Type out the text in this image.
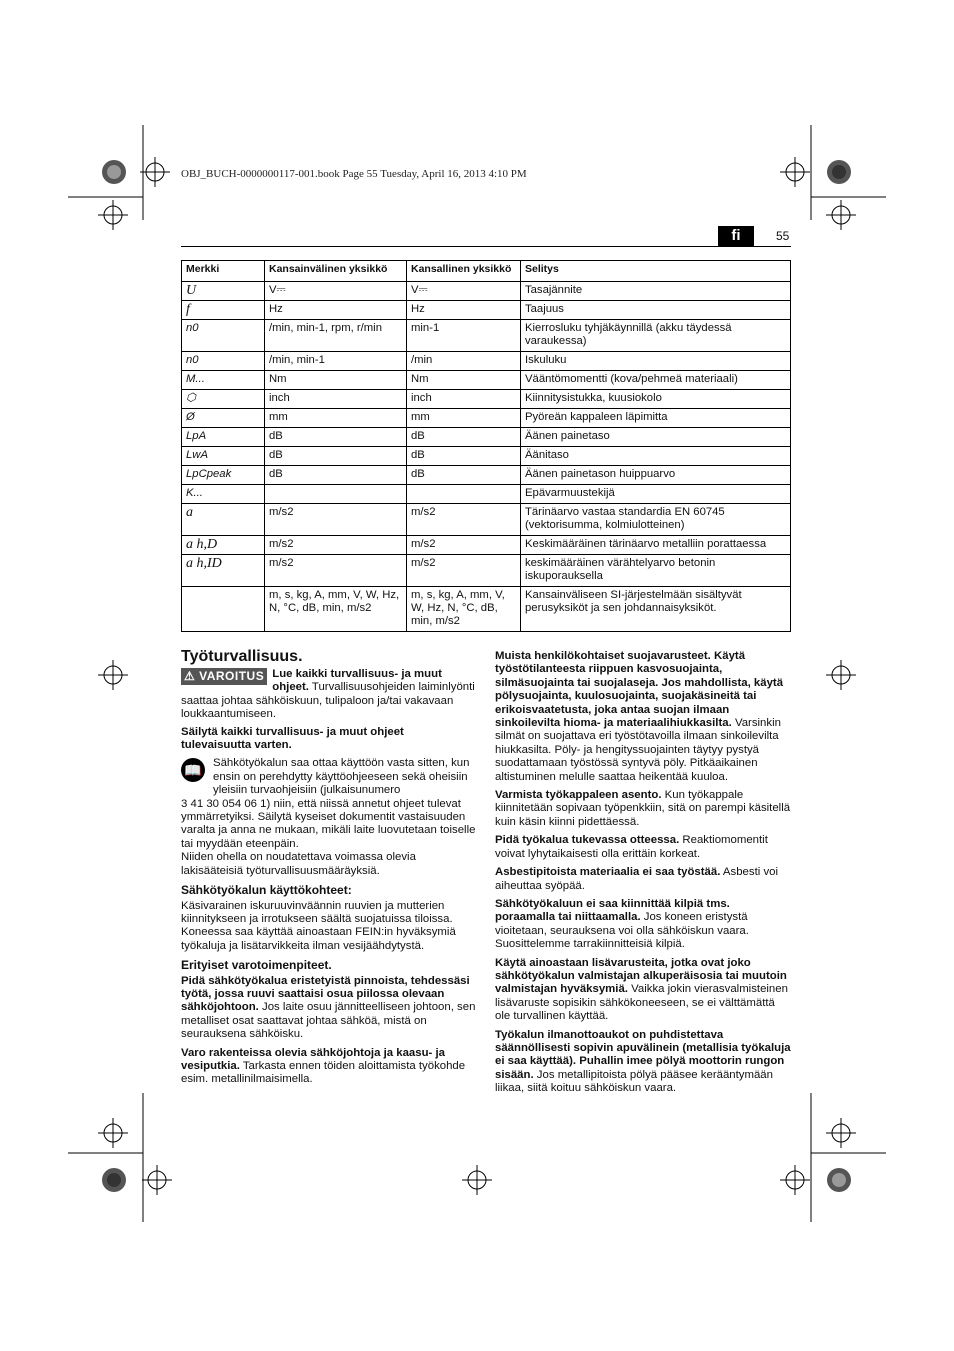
OBJ_BUCH-0000000117-001.book Page 55 Tuesday, April 16, 2013 4:10 PM
fi	55
Merkki	Kansainvälinen yksikkö	Kansallinen yksikkö	Selitys
U	V⎓	V⎓	Tasajännite
f	Hz	Hz	Taajuus
n0	/min, min-1, rpm, r/min	min-1	Kierrosluku tyhjäkäynnillä (akku täydessä varaukessa)
n0	/min, min-1	/min	Iskuluku
M...	Nm	Nm	Vääntömomentti (kova/pehmeä materiaali)
⬡	inch	inch	Kiinnitysistukka, kuusiokolo
Ø	mm	mm	Pyöreän kappaleen läpimitta
LpA	dB	dB	Äänen painetaso
LwA	dB	dB	Äänitaso
LpCpeak	dB	dB	Äänen painetason huippuarvo
K...			Epävarmuustekijä
a	m/s2	m/s2	Tärinäarvo vastaa standardia EN 60745 (vektorisumma, kolmiulotteinen)
a h,D	m/s2	m/s2	Keskimääräinen tärinäarvo metalliin porattaessa
a h,ID	m/s2	m/s2	keskimääräinen värähtelyarvo betonin iskuporauksella
	m, s, kg, A, mm, V, W, Hz, N, °C, dB, min, m/s2	m, s, kg, A, mm, V, W, Hz, N, °C, dB, min, m/s2	Kansainväliseen SI-järjestelmään sisältyvät perusyksiköt ja sen johdannaisyksiköt.
Työturvallisuus.

⚠
VAROITUS Lue kaikki turvallisuus- ja muut ohjeet. Turvallisuusohjeiden laiminlyönti saattaa johtaa sähköiskuun, tulipaloon ja/tai vakavaan loukkaantumiseen.

Säilytä kaikki turvallisuus- ja muut ohjeet tulevaisuutta varten.

📖 Sähkötyökalun saa ottaa käyttöön vasta sitten, kun ensin on perehdytty käyttöohjeeseen sekä oheisiin yleisiin turvaohjeisiin (julkaisunumero

3 41 30 054 06 1) niin, että niissä annetut ohjeet tulevat ymmärretyiksi. Säilytä kyseiset dokumentit vastaisuuden varalta ja anna ne mukaan, mikäli laite luovutetaan toiselle tai myydään eteenpäin.

Niiden ohella on noudatettava voimassa olevia lakisääteisiä työturvallisuusmääräyksiä.

Sähkötyökalun käyttökohteet:

Käsivarainen iskuruuvinväännin ruuvien ja mutterien kiinnitykseen ja irrotukseen säältä suojatuissa tiloissa.

Koneessa saa käyttää ainoastaan FEIN:in hyväksymiä työkaluja ja lisätarvikkeita ilman vesijäähdytystä.

Erityiset varotoimenpiteet.

Pidä sähkötyökalua eristetyistä pinnoista, tehdessäsi työtä, jossa ruuvi saattaisi osua piilossa olevaan sähköjohtoon. Jos laite osuu jännitteelliseen johtoon, sen metalliset osat saattavat johtaa sähköä, mistä on seurauksena sähköisku.

Varo rakenteissa olevia sähköjohtoja ja kaasu- ja vesiputkia. Tarkasta ennen töiden aloittamista työkohde esim. metallinilmaisimella.

Muista henkilökohtaiset suojavarusteet. Käytä työstötilanteesta riippuen kasvosuojainta, silmäsuojainta tai suojalaseja. Jos mahdollista, käytä pölysuojainta, kuulosuojainta, suojakäsineitä tai erikoisvaatetusta, joka antaa suojan ilmaan sinkoilevilta hioma- ja materiaalihiukkasilta. Varsinkin silmät on suojattava eri työstötavoilla ilmaan sinkoilevilta hiukkasilta. Pöly- ja hengityssuojainten täytyy pystyä suodattamaan työstössä syntyvä pöly. Pitkäaikainen altistuminen melulle saattaa heikentää kuuloa.

Varmista työkappaleen asento. Kun työkappale kiinnitetään sopivaan työpenkkiin, sitä on parempi käsitellä kuin käsin kiinni pidettäessä.

Pidä työkalua tukevassa otteessa. Reaktiomomentit voivat lyhytaikaisesti olla erittäin korkeat.

Asbestipitoista materiaalia ei saa työstää. Asbesti voi aiheuttaa syöpää.

Sähkötyökaluun ei saa kiinnittää kilpiä tms. poraamalla tai niittaamalla. Jos koneen eristystä vioitetaan, seurauksena voi olla sähköiskun vaara. Suosittelemme tarrakiinnitteisiä kilpiä.

Käytä ainoastaan lisävarusteita, jotka ovat joko sähkötyökalun valmistajan alkuperäisosia tai muutoin valmistajan hyväksymiä. Vaikka jokin vierasvalmisteinen lisävaruste sopisikin sähkökoneeseen, se ei välttämättä ole turvallinen käyttää.

Työkalun ilmanottoaukot on puhdistettava säännöllisesti sopivin apuvälinein (metallisia työkaluja ei saa käyttää). Puhallin imee pölyä moottorin rungon sisään. Jos metallipitoista pölyä pääsee kerääntymään liikaa, siitä koituu sähköiskun vaara.
